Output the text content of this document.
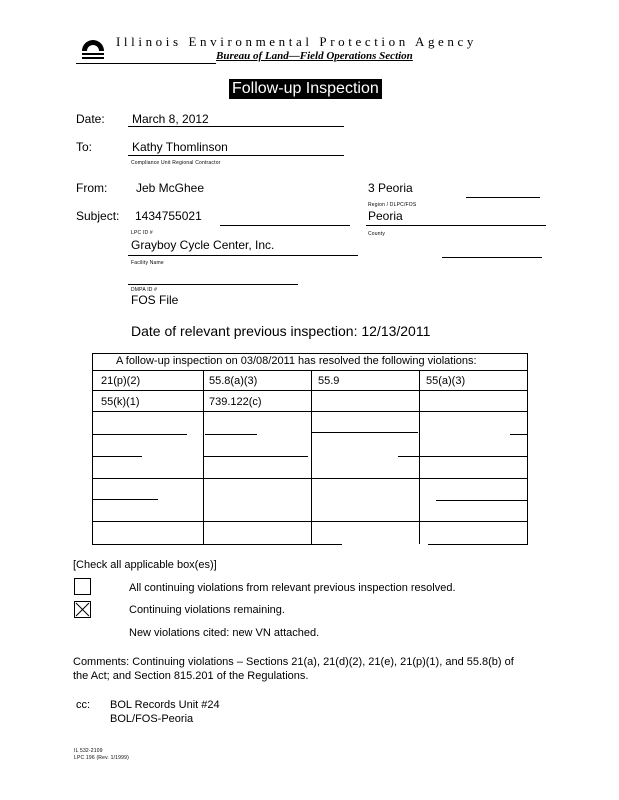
Illinois Environmental Protection Agency
Bureau of Land—Field Operations Section
Follow-up Inspection
Date: March 8, 2012
To:	Kathy Thomlinson
Compliance Unit Regional Contractor
From: Jeb McGhee	3 Peoria
Region / DLPC/FOS
Subject: 1434755021	Peoria
County
LPC ID #
Grayboy Cycle Center, Inc.
Facility Name
DMPA ID #
FOS File
Date of relevant previous inspection: 12/13/2011
A follow-up inspection on 03/08/2011 has resolved the following violations:
21(p)(2)	55.8(a)(3)	55.9	55(a)(3)
55(k)(1)	739.122(c)
[Check all applicable box(es)]
All continuing violations from relevant previous inspection resolved.
Continuing violations remaining.
New violations cited: new VN attached.
Comments: Continuing violations – Sections 21(a), 21(d)(2), 21(e), 21(p)(1), and 55.8(b) of
the Act; and Section 815.201 of the Regulations.
cc: BOL Records Unit #24
BOL/FOS-Peoria
IL 532-2109
LPC 196 (Rev. 1/1999)
